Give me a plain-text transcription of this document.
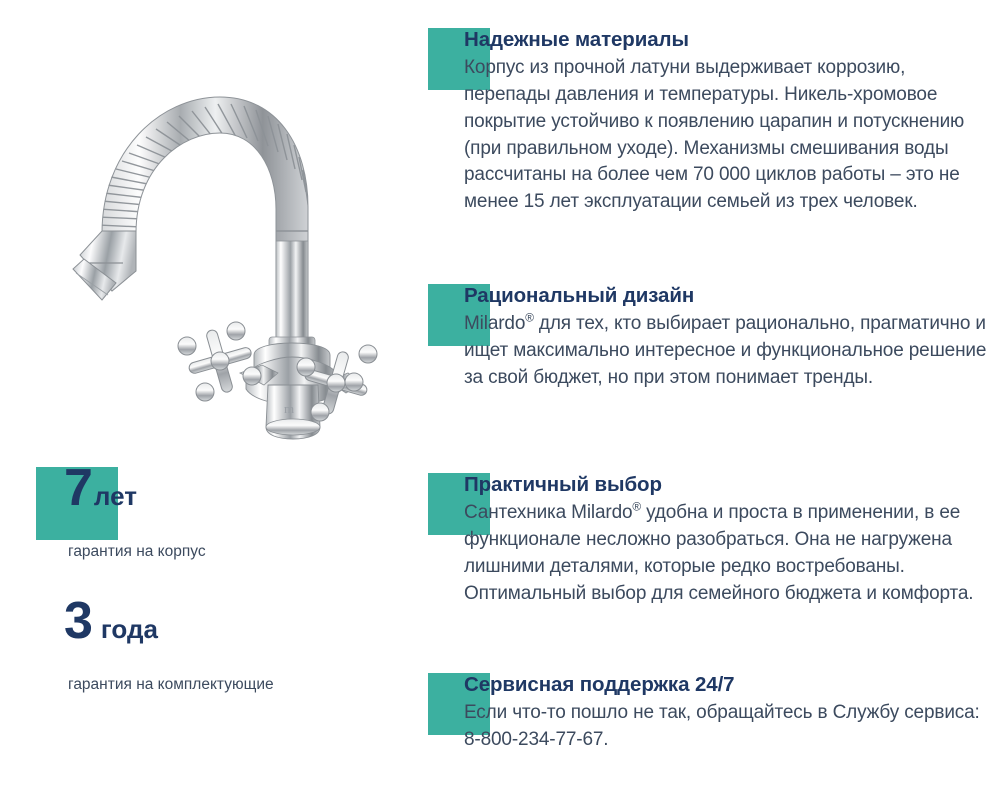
m
7 лет
гарантия на корпус
3 года
гарантия на комплектующие
Надежные материалы

Корпус из прочной латуни выдерживает коррозию, перепады давления и температуры. Никель-хромовое покрытие устойчиво к появлению царапин и потускнению (при правильном уходе). Механизмы смешивания воды рассчитаны на более чем 70 000 циклов работы – это не менее 15 лет эксплуатации семьей из трех человек.

Рациональный дизайн

Milardo® для тех, кто выбирает рационально, прагматично и ищет максимально интересное и функциональное решение за свой бюджет, но при этом понимает тренды.

Практичный выбор

Сантехника Milardo® удобна и проста в применении, в ее функционале несложно разобраться. Она не нагружена лишними деталями, которые редко востребованы. Оптимальный выбор для семейного бюджета и комфорта.

Сервисная поддержка 24/7

Если что-то пошло не так, обращайтесь в Службу сервиса: 8-800-234-77-67.
